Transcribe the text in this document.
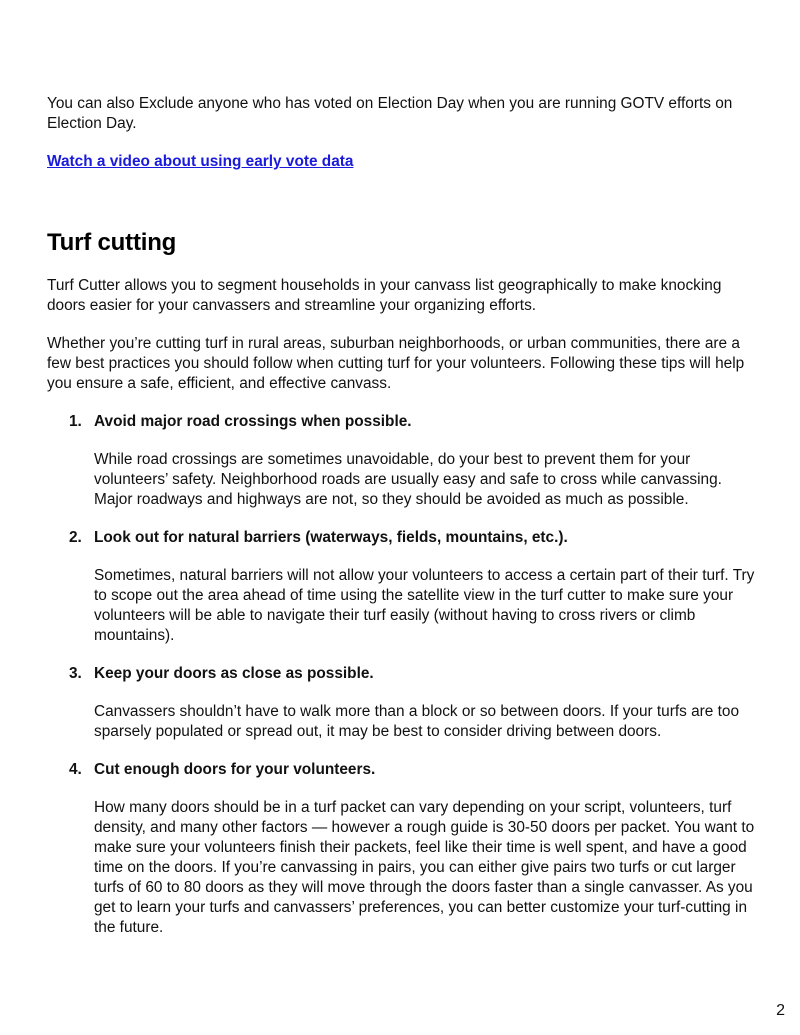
You can also Exclude anyone who has voted on Election Day when you are running GOTV efforts on Election Day.

Watch a video about using early vote data
Turf cutting

Turf Cutter allows you to segment households in your canvass list geographically to make knocking doors easier for your canvassers and streamline your organizing efforts.

Whether you’re cutting turf in rural areas, suburban neighborhoods, or urban communities, there are a few best practices you should follow when cutting turf for your volunteers. Following these tips will help you ensure a safe, efficient, and effective canvass.

1. Avoid major road crossings when possible.

While road crossings are sometimes unavoidable, do your best to prevent them for your volunteers’ safety. Neighborhood roads are usually easy and safe to cross while canvassing. Major roadways and highways are not, so they should be avoided as much as possible.

2. Look out for natural barriers (waterways, fields, mountains, etc.).

Sometimes, natural barriers will not allow your volunteers to access a certain part of their turf. Try to scope out the area ahead of time using the satellite view in the turf cutter to make sure your volunteers will be able to navigate their turf easily (without having to cross rivers or climb mountains).

3. Keep your doors as close as possible.

Canvassers shouldn’t have to walk more than a block or so between doors. If your turfs are too sparsely populated or spread out, it may be best to consider driving between doors.

4. Cut enough doors for your volunteers.

How many doors should be in a turf packet can vary depending on your script, volunteers, turf density, and many other factors — however a rough guide is 30-50 doors per packet. You want to make sure your volunteers finish their packets, feel like their time is well spent, and have a good time on the doors. If you’re canvassing in pairs, you can either give pairs two turfs or cut larger turfs of 60 to 80 doors as they will move through the doors faster than a single canvasser. As you get to learn your turfs and canvassers’ preferences, you can better customize your turf-cutting in the future.

2
